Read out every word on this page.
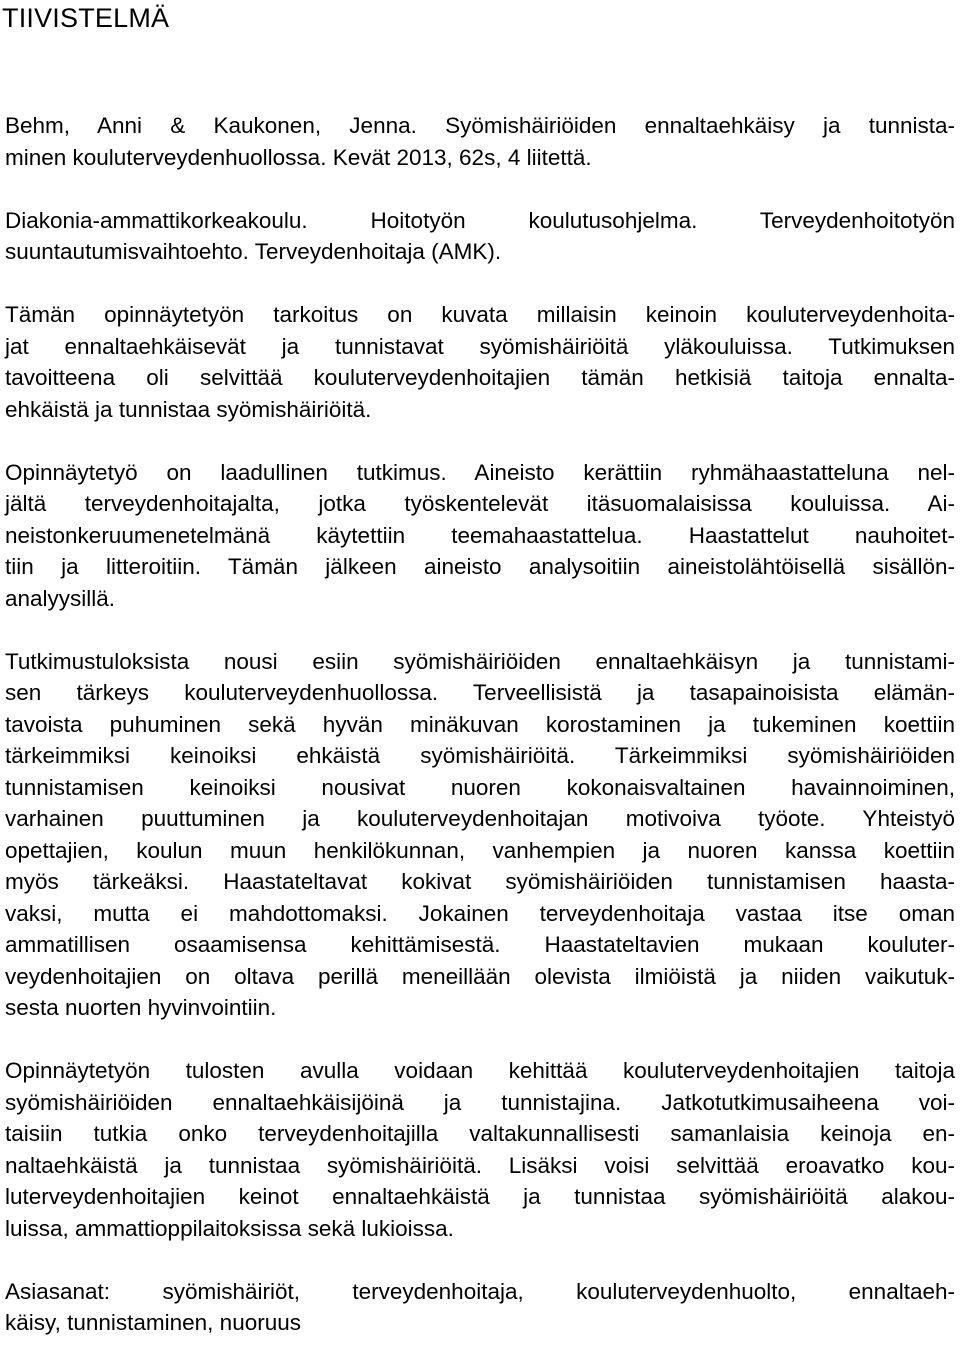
TIIVISTELMÄ

Behm, Anni & Kaukonen, Jenna. Syömishäiriöiden ennaltaehkäisy ja tunnista-
minen kouluterveydenhuollossa. Kevät 2013, 62s, 4 liitettä.

Diakonia-ammattikorkeakoulu. Hoitotyön koulutusohjelma. Terveydenhoitotyön
suuntautumisvaihtoehto. Terveydenhoitaja (AMK).

Tämän opinnäytetyön tarkoitus on kuvata millaisin keinoin kouluterveydenhoita-
jat ennaltaehkäisevät ja tunnistavat syömishäiriöitä yläkouluissa. Tutkimuksen
tavoitteena oli selvittää kouluterveydenhoitajien tämän hetkisiä taitoja ennalta-
ehkäistä ja tunnistaa syömishäiriöitä.

Opinnäytetyö on laadullinen tutkimus. Aineisto kerättiin ryhmähaastatteluna nel-
jältä terveydenhoitajalta, jotka työskentelevät itäsuomalaisissa kouluissa. Ai-
neistonkeruumenetelmänä käytettiin teemahaastattelua. Haastattelut nauhoitet-
tiin ja litteroitiin. Tämän jälkeen aineisto analysoitiin aineistolähtöisellä sisällön-
analyysillä.

Tutkimustuloksista nousi esiin syömishäiriöiden ennaltaehkäisyn ja tunnistami-
sen tärkeys kouluterveydenhuollossa. Terveellisistä ja tasapainoisista elämän-
tavoista puhuminen sekä hyvän minäkuvan korostaminen ja tukeminen koettiin
tärkeimmiksi keinoiksi ehkäistä syömishäiriöitä. Tärkeimmiksi syömishäiriöiden
tunnistamisen keinoiksi nousivat nuoren kokonaisvaltainen havainnoiminen,
varhainen puuttuminen ja kouluterveydenhoitajan motivoiva työote. Yhteistyö
opettajien, koulun muun henkilökunnan, vanhempien ja nuoren kanssa koettiin
myös tärkeäksi. Haastateltavat kokivat syömishäiriöiden tunnistamisen haasta-
vaksi, mutta ei mahdottomaksi. Jokainen terveydenhoitaja vastaa itse oman
ammatillisen osaamisensa kehittämisestä. Haastateltavien mukaan kouluter-
veydenhoitajien on oltava perillä meneillään olevista ilmiöistä ja niiden vaikutuk-
sesta nuorten hyvinvointiin.

Opinnäytetyön tulosten avulla voidaan kehittää kouluterveydenhoitajien taitoja
syömishäiriöiden ennaltaehkäisijöinä ja tunnistajina. Jatkotutkimusaiheena voi-
taisiin tutkia onko terveydenhoitajilla valtakunnallisesti samanlaisia keinoja en-
naltaehkäistä ja tunnistaa syömishäiriöitä. Lisäksi voisi selvittää eroavatko kou-
luterveydenhoitajien keinot ennaltaehkäistä ja tunnistaa syömishäiriöitä alakou-
luissa, ammattioppilaitoksissa sekä lukioissa.

Asiasanat: syömishäiriöt, terveydenhoitaja, kouluterveydenhuolto, ennaltaeh-
käisy, tunnistaminen, nuoruus
